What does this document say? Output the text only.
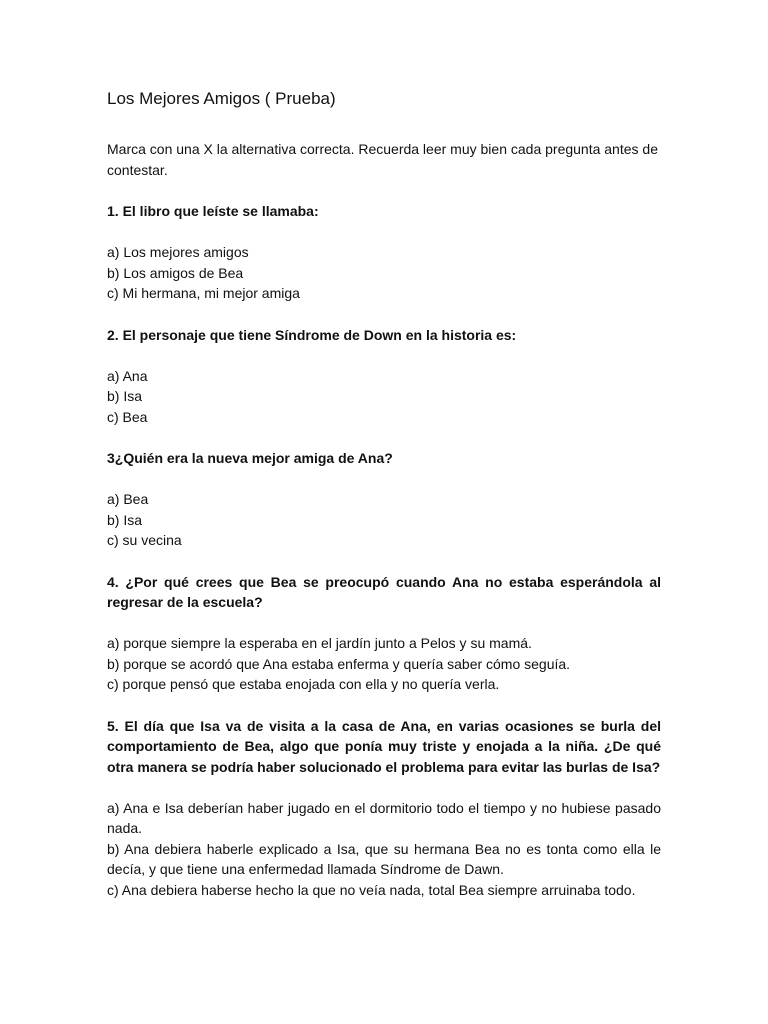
Los Mejores Amigos ( Prueba)

Marca con una X la alternativa correcta. Recuerda leer muy bien cada pregunta antes de contestar.

1. El libro que leíste se llamaba:

a) Los mejores amigos
b) Los amigos de Bea
c) Mi hermana, mi mejor amiga

2. El personaje que tiene Síndrome de Down en la historia es:

a) Ana
b) Isa
c) Bea

3¿Quién era la nueva mejor amiga de Ana?

a) Bea
b) Isa
c) su vecina

4. ¿Por qué crees que Bea se preocupó cuando Ana no estaba esperándola al regresar de la escuela?

a) porque siempre la esperaba en el jardín junto a Pelos y su mamá.
b) porque se acordó que Ana estaba enferma y quería saber cómo seguía.
c) porque pensó que estaba enojada con ella y no quería verla.

5. El día que Isa va de visita a la casa de Ana, en varias ocasiones se burla del comportamiento de Bea, algo que ponía muy triste y enojada a la niña. ¿De qué otra manera se podría haber solucionado el problema para evitar las burlas de Isa?

a) Ana e Isa deberían haber jugado en el dormitorio todo el tiempo y no hubiese pasado nada.
b) Ana debiera haberle explicado a Isa, que su hermana Bea no es tonta como ella le decía, y que tiene una enfermedad llamada Síndrome de Dawn.
c) Ana debiera haberse hecho la que no veía nada, total Bea siempre arruinaba todo.
